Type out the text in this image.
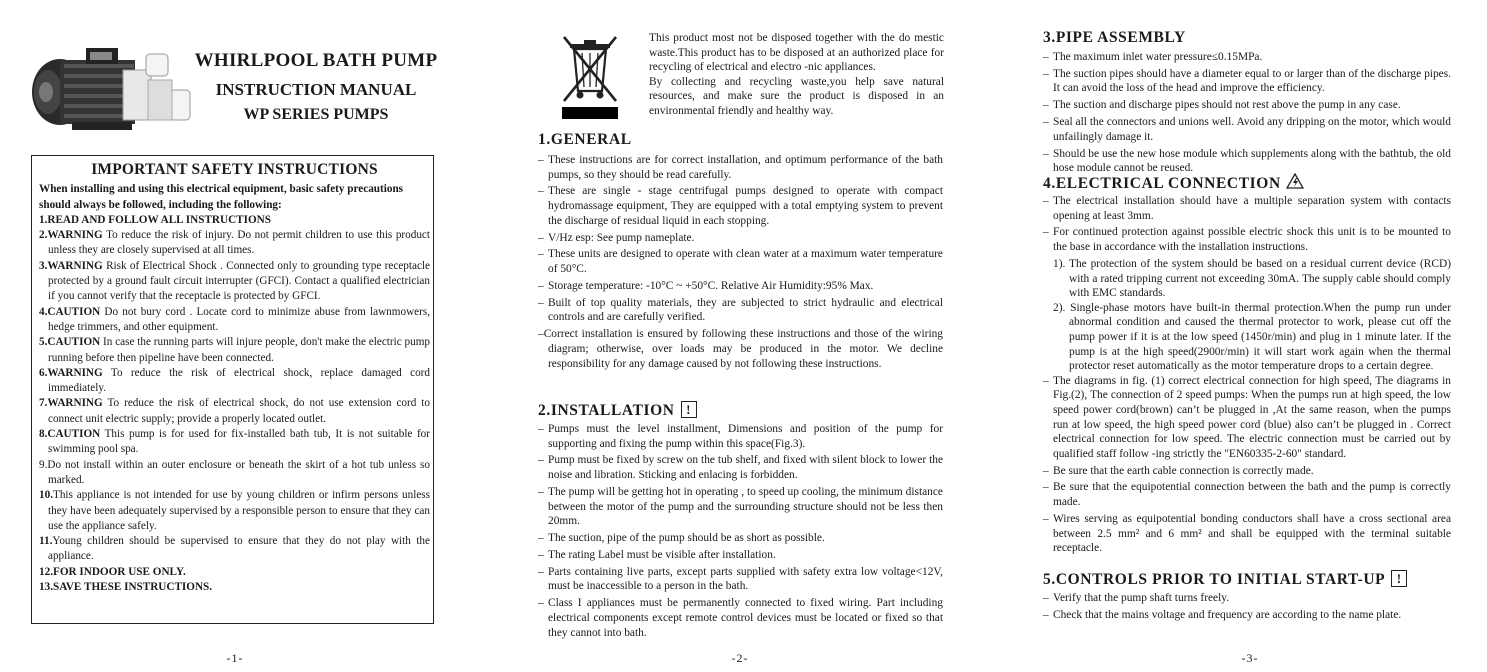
WHIRLPOOL BATH PUMP
INSTRUCTION MANUAL
WP SERIES PUMPS
IMPORTANT SAFETY INSTRUCTIONS
When installing and using this electrical equipment, basic safety precautions should always be followed, including the following:
1.READ AND FOLLOW ALL INSTRUCTIONS
2.WARNING To reduce the risk of injury. Do not permit children to use this product unless they are closely supervised at all times.
3.WARNING Risk of Electrical Shock . Connected only to grounding type receptacle protected by a ground fault circuit interrupter (GFCI). Contact a qualified electrician if you cannot verify that the receptacle is protected by GFCI.
4.CAUTION Do not bury cord . Locate cord to minimize abuse from lawnmowers, hedge trimmers, and other equipment.
5.CAUTION In case the running parts will injure people, don't make the electric pump running before then pipeline have been connected.
6.WARNING To reduce the risk of electrical shock, replace damaged cord immediately.
7.WARNING To reduce the risk of electrical shock, do not use extension cord to connect unit electric supply; provide a properly located outlet.
8.CAUTION This pump is for used for fix-installed bath tub, It is not suitable for swimming pool spa.
9.Do not install within an outer enclosure or beneath the skirt of a hot tub unless so marked.
10.This appliance is not intended for use by young children or infirm persons unless they have been adequately supervised by a responsible person to ensure that they can use the appliance safely.
11.Young children should be supervised to ensure that they do not play with the appliance.
12.FOR INDOOR USE ONLY.
13.SAVE THESE INSTRUCTIONS.
-1-
This product most not be disposed together with the do mestic waste.This product has to be disposed at an authorized place for recycling of electrical and electro -nic appliances.
By collecting and recycling waste,you help save natural resources, and make sure the product is disposed in an environmental friendly and healthy way.
1.GENERAL
– These instructions are for correct installation, and optimum performance of the bath pumps, so they should be read carefully.
– These are single - stage centrifugal pumps designed to operate with compact hydromassage equipment, They are equipped with a total emptying system to prevent the discharge of residual liquid in each stopping.
– V/Hz esp: See pump nameplate.
– These units are designed to operate with clean water at a maximum water temperature of 50°C.
– Storage temperature: -10°C ~ +50°C. Relative Air Humidity:95% Max.
– Built of top quality materials, they are subjected to strict hydraulic and electrical controls and are carefully verified.
–Correct installation is ensured by following these instructions and those of the wiring diagram; otherwise, over loads may be produced in the motor. We decline responsibility for any damage caused by not following these instructions.
2.INSTALLATION !
– Pumps must the level installment, Dimensions and position of the pump for supporting and fixing the pump within this space(Fig.3).
– Pump must be fixed by screw on the tub shelf, and fixed with silent block to lower the noise and libration. Sticking and enlacing is forbidden.
– The pump will be getting hot in operating , to speed up cooling, the minimum distance between the motor of the pump and the surrounding structure should not be less then 20mm.
– The suction, pipe of the pump should be as short as possible.
– The rating Label must be visible after installation.
– Parts containing live parts, except parts supplied with safety extra low voltage<12V, must be inaccessible to a person in the bath.
– Class I appliances must be permanently connected to fixed wiring. Part including electrical components except remote control devices must be located or fixed so that they cannot into bath.
-2-
3.PIPE ASSEMBLY
– The maximum inlet water pressure≤0.15MPa.
– The suction pipes should have a diameter equal to or larger than of the discharge pipes. It can avoid the loss of the head and improve the efficiency.
– The suction and discharge pipes should not rest above the pump in any case.
– Seal all the connectors and unions well. Avoid any dripping on the motor, which would unfailingly damage it.
– Should be use the new hose module which supplements along with the bathtub, the old hose module cannot be reused.
4.ELECTRICAL CONNECTION
– The electrical installation should have a multiple separation system with contacts opening at least 3mm.
– For continued protection against possible electric shock this unit is to be mounted to the base in accordance with the installation instructions.
1). The protection of the system should be based on a residual current device (RCD) with a rated tripping current not exceeding 30mA. The supply cable should comply with EMC standards.
2). Single-phase motors have built-in thermal protection.When the pump run under abnormal condition and caused the thermal protector to work, please cut off the pump power if it is at the low speed (1450r/min) and plug in 1 minute later. If the pump is at the high speed(2900r/min) it will start work again when the thermal protector reset automatically as the motor temperature drops to a certain degree.
– The diagrams in fig. (1) correct electrical connection for high speed, The diagrams in Fig.(2), The connection of 2 speed pumps: When the pumps run at high speed, the low speed power cord(brown) can’t be plugged in ,At the same reason, when the pumps run at low speed, the high speed power cord (blue) also can’t be plugged in . Correct electrical connection for low speed. The electric connection must be carried out by qualified staff follow -ing strictly the "EN60335-2-60" standard.
– Be sure that the earth cable connection is correctly made.
– Be sure that the equipotential connection between the bath and the pump is correctly made.
– Wires serving as equipotential bonding conductors shall have a cross sectional area between 2.5 mm² and 6 mm² and shall be equipped with the terminal suitable receptacle.
5.CONTROLS PRIOR TO INITIAL START-UP !
– Verify that the pump shaft turns freely.
– Check that the mains voltage and frequency are according to the name plate.
-3-
